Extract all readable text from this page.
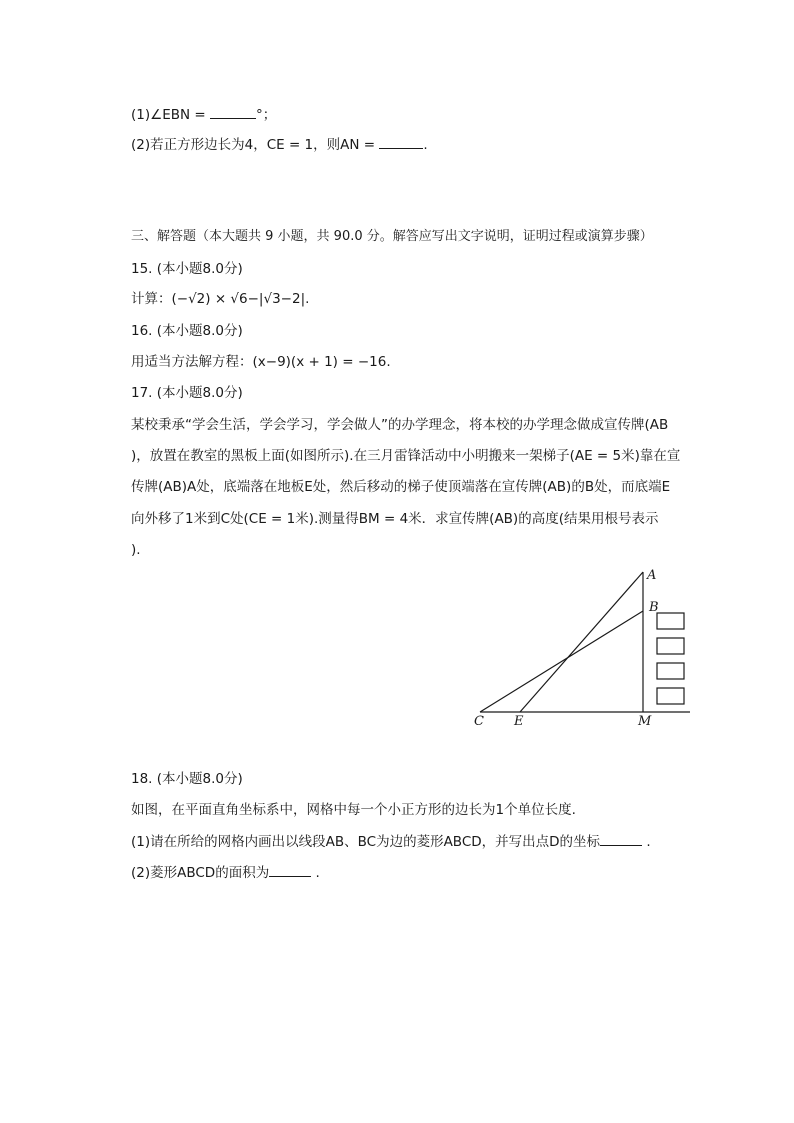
(1)∠EBN =	°；
(2)若正方形边长为4，CE = 1，则AN =	.
三、解答题（本大题共 9 小题，共 90.0 分。解答应写出文字说明，证明过程或演算步骤）
15. (本小题8.0分)
计算：(−√2) × √6−|√3−2|.
16. (本小题8.0分)
用适当方法解方程：(x−9)(x + 1) = −16.
17. (本小题8.0分)
某校秉承“学会生活，学会学习，学会做人”的办学理念，将本校的办学理念做成宣传牌(AB
)，放置在教室的黑板上面(如图所示).在三月雷锋活动中小明搬来一架梯子(AE = 5米)靠在宣
传牌(AB)A处，底端落在地板E处，然后移动的梯子使顶端落在宣传牌(AB)的B处，而底端E
向外移了1米到C处(CE = 1米).测量得BM = 4米．求宣传牌(AB)的高度(结果用根号表示
).
A
B
C E	M
18. (本小题8.0分)
如图，在平面直角坐标系中，网格中每一个小正方形的边长为1个单位长度.
(1)请在所给的网格内画出以线段AB、BC为边的菱形ABCD，并写出点D的坐标	.
(2)菱形ABCD的面积为	.
